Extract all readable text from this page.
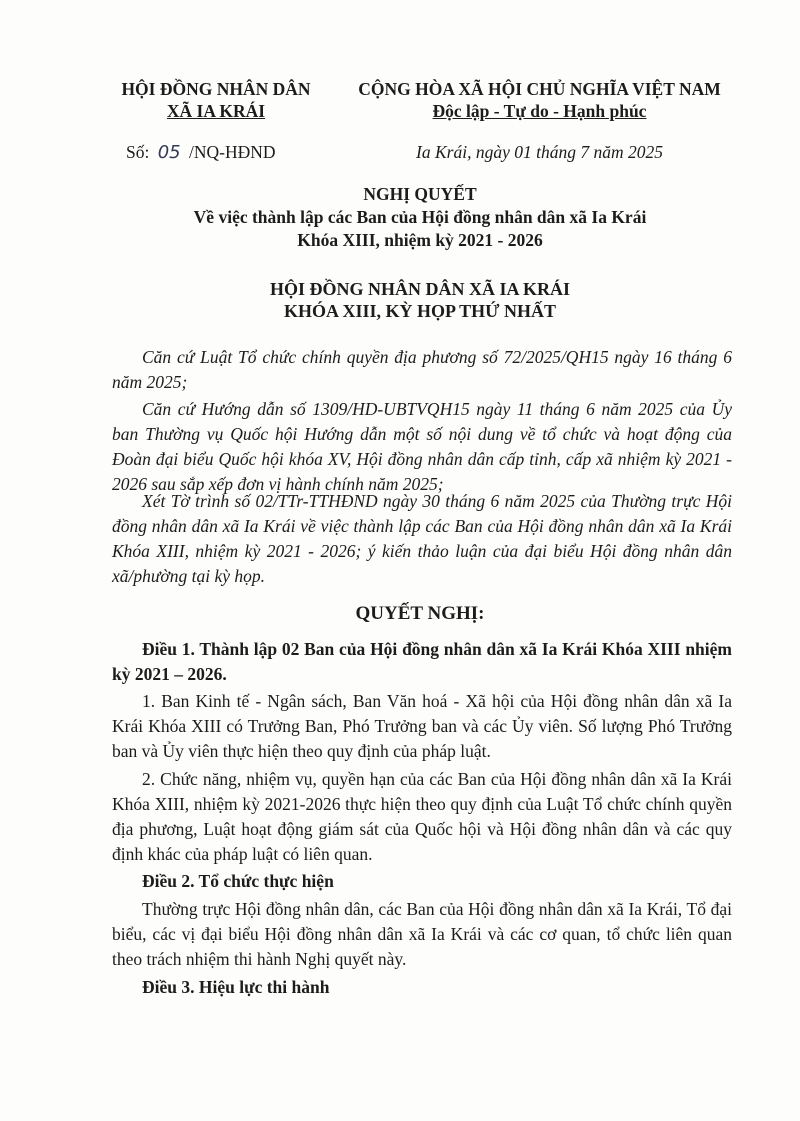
HỘI ĐỒNG NHÂN DÂN
XÃ IA KRÁI
Số: 05 /NQ-HĐND
CỘNG HÒA XÃ HỘI CHỦ NGHĨA VIỆT NAM
Độc lập - Tự do - Hạnh phúc
Ia Krái, ngày 01 tháng 7 năm 2025
NGHỊ QUYẾT
Về việc thành lập các Ban của Hội đồng nhân dân xã Ia Krái
Khóa XIII, nhiệm kỳ 2021 - 2026
HỘI ĐỒNG NHÂN DÂN XÃ IA KRÁI
KHÓA XIII, KỲ HỌP THỨ NHẤT
Căn cứ Luật Tổ chức chính quyền địa phương số 72/2025/QH15 ngày 16 tháng 6 năm 2025;
Căn cứ Hướng dẫn số 1309/HD-UBTVQH15 ngày 11 tháng 6 năm 2025 của Ủy ban Thường vụ Quốc hội Hướng dẫn một số nội dung về tổ chức và hoạt động của Đoàn đại biểu Quốc hội khóa XV, Hội đồng nhân dân cấp tỉnh, cấp xã nhiệm kỳ 2021 - 2026 sau sắp xếp đơn vị hành chính năm 2025;
Xét Tờ trình số 02/TTr-TTHĐND ngày 30 tháng 6 năm 2025 của Thường trực Hội đồng nhân dân xã Ia Krái về việc thành lập các Ban của Hội đồng nhân dân xã Ia Krái Khóa XIII, nhiệm kỳ 2021 - 2026; ý kiến thảo luận của đại biểu Hội đồng nhân dân xã/phường tại kỳ họp.
QUYẾT NGHỊ:
Điều 1. Thành lập 02 Ban của Hội đồng nhân dân xã Ia Krái Khóa XIII nhiệm kỳ 2021 – 2026.
1. Ban Kinh tế - Ngân sách, Ban Văn hoá - Xã hội của Hội đồng nhân dân xã Ia Krái Khóa XIII có Trưởng Ban, Phó Trưởng ban và các Ủy viên. Số lượng Phó Trưởng ban và Ủy viên thực hiện theo quy định của pháp luật.
2. Chức năng, nhiệm vụ, quyền hạn của các Ban của Hội đồng nhân dân xã Ia Krái Khóa XIII, nhiệm kỳ 2021-2026 thực hiện theo quy định của Luật Tổ chức chính quyền địa phương, Luật hoạt động giám sát của Quốc hội và Hội đồng nhân dân và các quy định khác của pháp luật có liên quan.
Điều 2. Tổ chức thực hiện
Thường trực Hội đồng nhân dân, các Ban của Hội đồng nhân dân xã Ia Krái, Tổ đại biểu, các vị đại biểu Hội đồng nhân dân xã Ia Krái và các cơ quan, tổ chức liên quan theo trách nhiệm thi hành Nghị quyết này.
Điều 3. Hiệu lực thi hành
